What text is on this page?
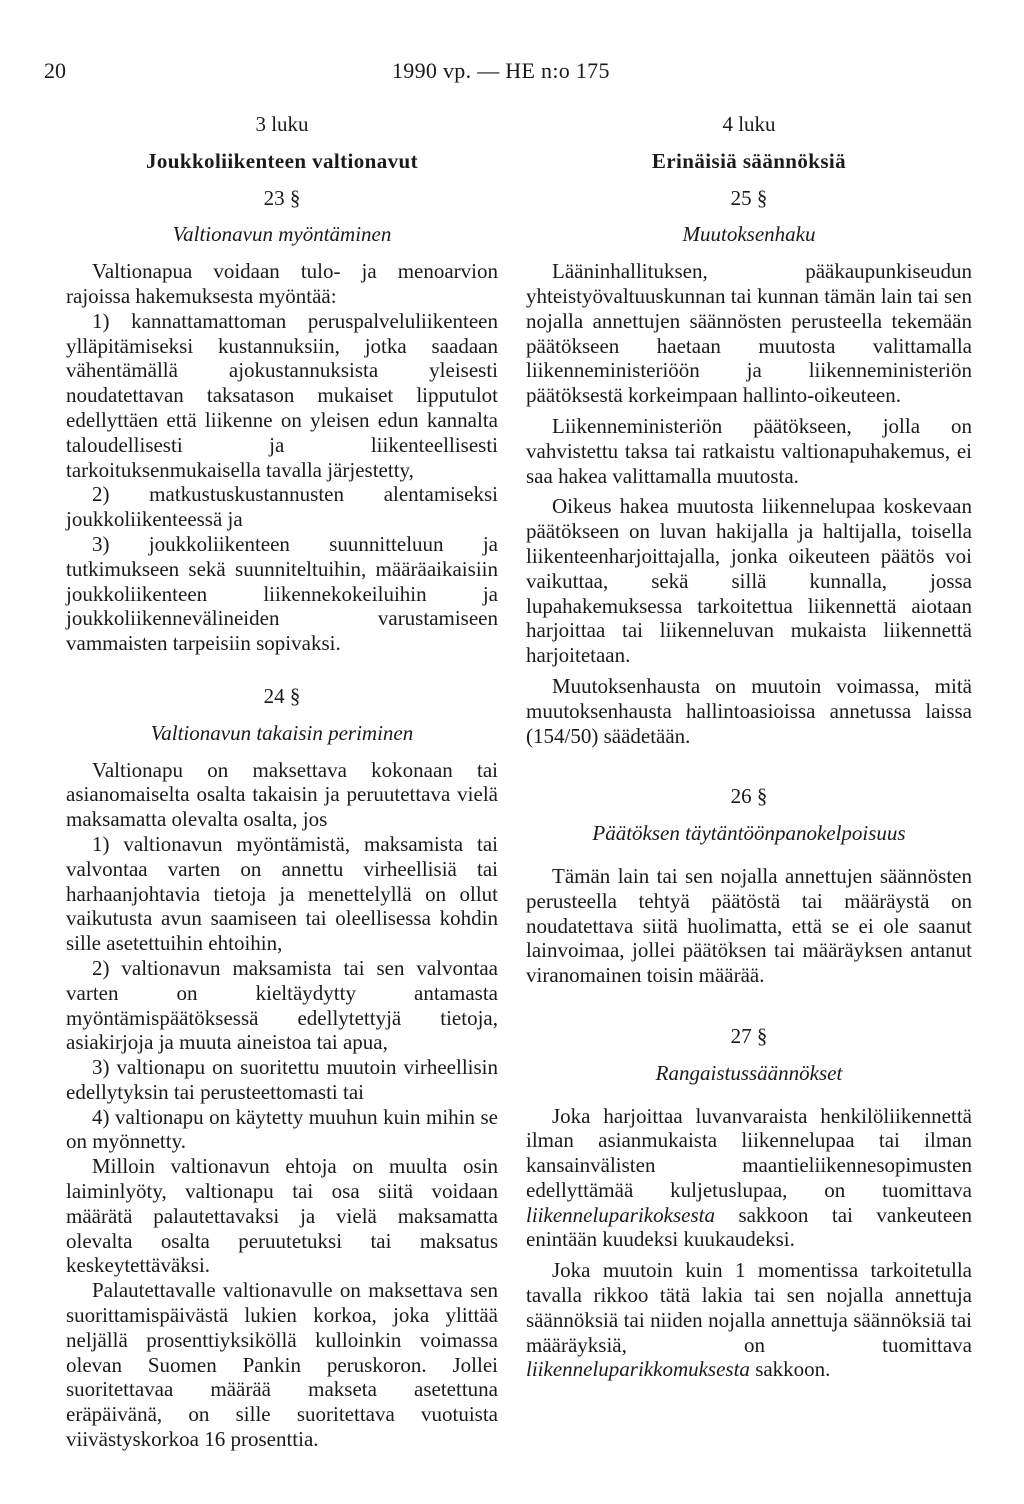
20	1990 vp. — HE n:o 175

3 luku

Joukkoliikenteen valtionavut

23 §

Valtionavun myöntäminen

Valtionapua voidaan tulo- ja menoarvion rajoissa hakemuksesta myöntää:

1) kannattamattoman peruspalveluliikenteen ylläpitämiseksi kustannuksiin, jotka saadaan vähentämällä ajokustannuksista yleisesti noudatettavan taksatason mukaiset lipputulot edellyttäen että liikenne on yleisen edun kannalta taloudellisesti ja liikenteellisesti tarkoituksenmukaisella tavalla järjestetty,

2) matkustuskustannusten alentamiseksi joukkoliikenteessä ja

3) joukkoliikenteen suunnitteluun ja tutkimukseen sekä suunniteltuihin, määräaikaisiin joukkoliikenteen liikennekokeiluihin ja joukkoliikennevälineiden varustamiseen vammaisten tarpeisiin sopivaksi.

24 §

Valtionavun takaisin periminen

Valtionapu on maksettava kokonaan tai asianomaiselta osalta takaisin ja peruutettava vielä maksamatta olevalta osalta, jos

1) valtionavun myöntämistä, maksamista tai valvontaa varten on annettu virheellisiä tai harhaanjohtavia tietoja ja menettelyllä on ollut vaikutusta avun saamiseen tai oleellisessa kohdin sille asetettuihin ehtoihin,

2) valtionavun maksamista tai sen valvontaa varten on kieltäydytty antamasta myöntämispäätöksessä edellytettyjä tietoja, asiakirjoja ja muuta aineistoa tai apua,

3) valtionapu on suoritettu muutoin virheellisin edellytyksin tai perusteettomasti tai

4) valtionapu on käytetty muuhun kuin mihin se on myönnetty.

Milloin valtionavun ehtoja on muulta osin laiminlyöty, valtionapu tai osa siitä voidaan määrätä palautettavaksi ja vielä maksamatta olevalta osalta peruutetuksi tai maksatus keskeytettäväksi.

Palautettavalle valtionavulle on maksettava sen suorittamispäivästä lukien korkoa, joka ylittää neljällä prosenttiyksiköllä kulloinkin voimassa olevan Suomen Pankin peruskoron. Jollei suoritettavaa määrää makseta asetettuna eräpäivänä, on sille suoritettava vuotuista viivästyskorkoa 16 prosenttia.

4 luku

Erinäisiä säännöksiä

25 §

Muutoksenhaku

Lääninhallituksen, pääkaupunkiseudun yhteistyövaltuuskunnan tai kunnan tämän lain tai sen nojalla annettujen säännösten perusteella tekemään päätökseen haetaan muutosta valittamalla liikenneministeriöön ja liikenneministeriön päätöksestä korkeimpaan hallinto-oikeuteen.

Liikenneministeriön päätökseen, jolla on vahvistettu taksa tai ratkaistu valtionapuhakemus, ei saa hakea valittamalla muutosta.

Oikeus hakea muutosta liikennelupaa koskevaan päätökseen on luvan hakijalla ja haltijalla, toisella liikenteenharjoittajalla, jonka oikeuteen päätös voi vaikuttaa, sekä sillä kunnalla, jossa lupahakemuksessa tarkoitettua liikennettä aiotaan harjoittaa tai liikenneluvan mukaista liikennettä harjoitetaan.

Muutoksenhausta on muutoin voimassa, mitä muutoksenhausta hallintoasioissa annetussa laissa (154/50) säädetään.

26 §

Päätöksen täytäntöönpanokelpoisuus

Tämän lain tai sen nojalla annettujen säännösten perusteella tehtyä päätöstä tai määräystä on noudatettava siitä huolimatta, että se ei ole saanut lainvoimaa, jollei päätöksen tai määräyksen antanut viranomainen toisin määrää.

27 §

Rangaistussäännökset

Joka harjoittaa luvanvaraista henkilöliikennettä ilman asianmukaista liikennelupaa tai ilman kansainvälisten maantieliikennesopimusten edellyttämää kuljetuslupaa, on tuomittava liikenneluparikoksesta sakkoon tai vankeuteen enintään kuudeksi kuukaudeksi.

Joka muutoin kuin 1 momentissa tarkoitetulla tavalla rikkoo tätä lakia tai sen nojalla annettuja säännöksiä tai niiden nojalla annettuja säännöksiä tai määräyksiä, on tuomittava liikenneluparikkomuksesta sakkoon.
